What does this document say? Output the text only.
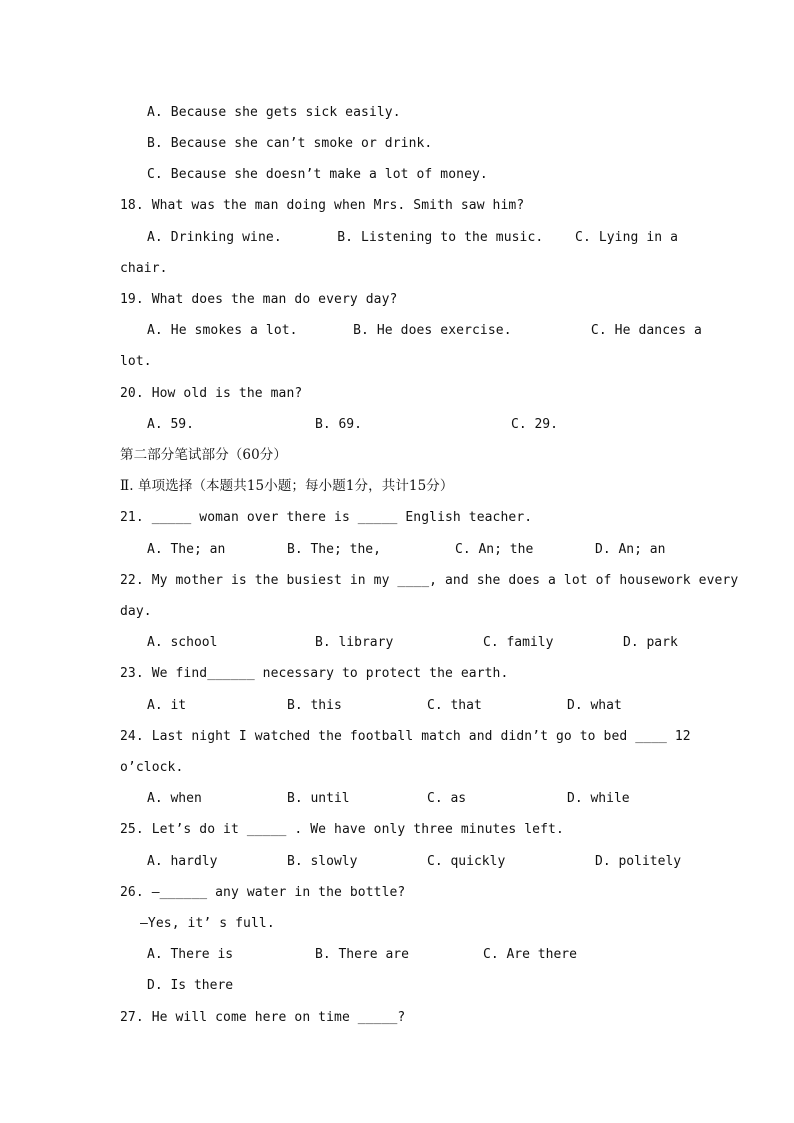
A. Because she gets sick easily.
B. Because she can’t smoke or drink.
C. Because she doesn’t make a lot of money.
18. What was the man doing when Mrs. Smith saw him?
A. Drinking wine.       B. Listening to the music.    C. Lying in a
chair.
19. What does the man do every day?
A. He smokes a lot.       B. He does exercise.          C. He dances a
lot.
20. How old is the man?
A. 59.	B. 69.	C. 29.
第二部分笔试部分（60分）
Ⅱ. 单项选择（本题共15小题；每小题1分，共计15分）
21. _____ woman over there is _____ English teacher.
A. The; an	B. The; the,	C. An; the	D. An; an
22. My mother is the busiest in my ____, and she does a lot of housework every
day.
A. school	B. library	C. family	D. park
23. We find______ necessary to protect the earth.
A. it	B. this	C. that	D. what
24. Last night I watched the football match and didn’t go to bed ____ 12
o’clock.
A. when	B. until	C. as	D. while
25. Let’s do it _____ . We have only three minutes left.
A. hardly	B. slowly	C. quickly	D. politely
26. —______ any water in the bottle?
—Yes, it’ s full.
A. There is	B. There are	C. Are there
D. Is there
27. He will come here on time _____?
